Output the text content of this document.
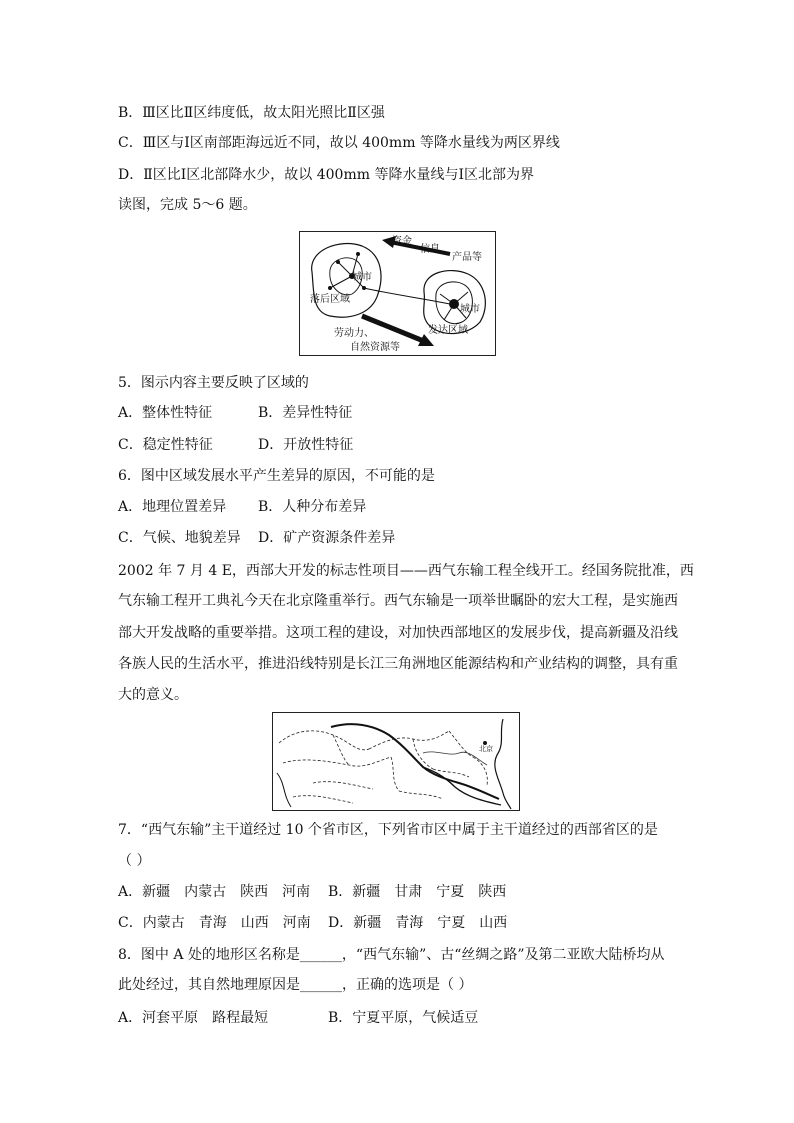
B．Ⅲ区比Ⅱ区纬度低，故太阳光照比Ⅱ区强
C．Ⅲ区与Ⅰ区南部距海远近不同，故以 400mm 等降水量线为两区界线
D．Ⅱ区比Ⅰ区北部降水少，故以 400mm 等降水量线与Ⅰ区北部为界
读图，完成 5～6 题。
资金
信息
产品等
城市
落后区域
城市
发达区域
劳动力、
自然资源等
5．图示内容主要反映了区域的
A．整体性特征	B．差异性特征
C．稳定性特征	D．开放性特征
6．图中区域发展水平产生差异的原因，不可能的是
A．地理位置差异 B．人种分布差异
C．气候、地貌差异 D．矿产资源条件差异
2002 年 7 月 4 E，西部大开发的标志性项目——西气东输工程全线开工。经国务院批准，西
气东输工程开工典礼今天在北京隆重举行。西气东输是一项举世瞩卧的宏大工程，是实施西
部大开发战略的重要举措。这项工程的建设，对加快西部地区的发展步伐，提高新疆及沿线
各族人民的生活水平，推进沿线特别是长江三角洲地区能源结构和产业结构的调整，具有重
大的意义。
北京
7．“西气东输”主干道经过 10 个省市区，下列省市区中属于主干道经过的西部省区的是
（ ）
A．新疆　内蒙古　陕西　河南 B．新疆　甘肃　宁夏　陕西
C．内蒙古　青海　山西　河南 D．新疆　青海　宁夏　山西
8．图中 A 处的地形区名称是______，“西气东输”、古“丝绸之路”及第二亚欧大陆桥均从
此处经过，其自然地理原因是______，正确的选项是（ ）
A．河套平原　路程最短	B．宁夏平原，气候适豆
